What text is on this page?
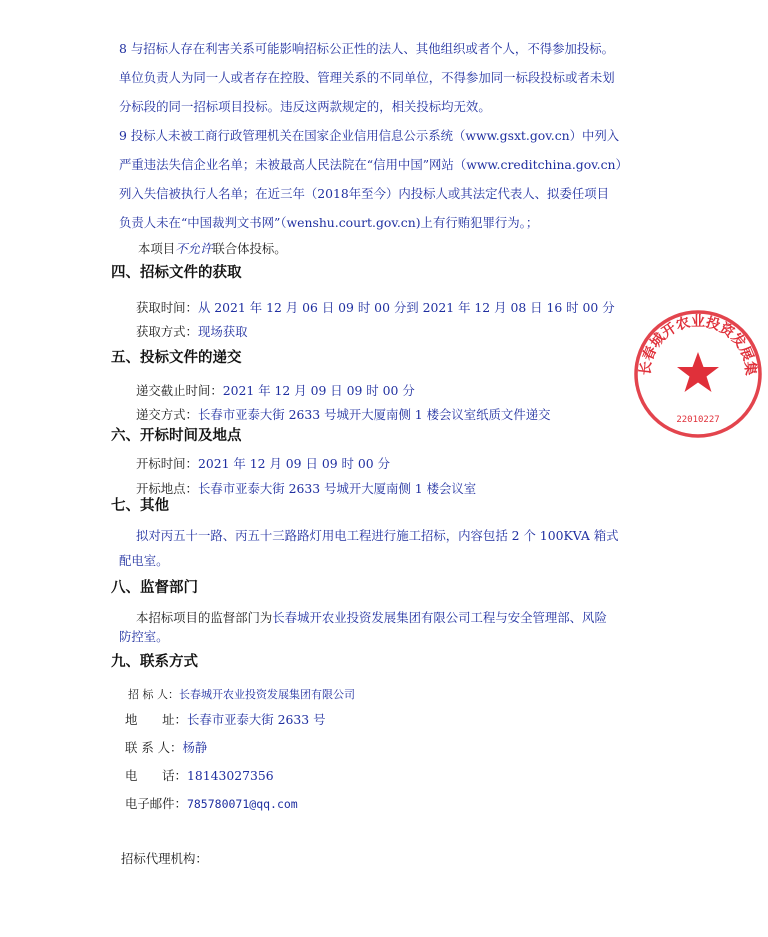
8 与招标人存在利害关系可能影响招标公正性的法人、其他组织或者个人，不得参加投标。
单位负责人为同一人或者存在控股、管理关系的不同单位，不得参加同一标段投标或者未划
分标段的同一招标项目投标。违反这两款规定的，相关投标均无效。
9 投标人未被工商行政管理机关在国家企业信用信息公示系统（www.gsxt.gov.cn）中列入
严重违法失信企业名单；未被最高人民法院在“信用中国”网站（www.creditchina.gov.cn）
列入失信被执行人名单；在近三年（2018年至今）内投标人或其法定代表人、拟委任项目
负责人未在“中国裁判文书网”（wenshu.court.gov.cn)上有行贿犯罪行为。；
本项目不允许联合体投标。
四、招标文件的获取
获取时间：从 2021 年 12 月 06 日 09 时 00 分到 2021 年 12 月 08 日 16 时 00 分
获取方式：现场获取
五、投标文件的递交
递交截止时间：2021 年 12 月 09 日 09 时 00 分
递交方式：长春市亚泰大街 2633 号城开大厦南侧 1 楼会议室纸质文件递交
六、开标时间及地点
开标时间：2021 年 12 月 09 日 09 时 00 分
开标地点：长春市亚泰大街 2633 号城开大厦南侧 1 楼会议室
七、其他
拟对丙五十一路、丙五十三路路灯用电工程进行施工招标，内容包括 2 个 100KVA 箱式
配电室。
八、监督部门
本招标项目的监督部门为长春城开农业投资发展集团有限公司工程与安全管理部、风险
防控室。
九、联系方式
招 标 人：长春城开农业投资发展集团有限公司
地　　址：长春市亚泰大街 2633 号
联 系 人：杨静
电　　话：18143027356
电子邮件：785780071@qq.com
招标代理机构：
长春城开农业投资发展集
22010227
